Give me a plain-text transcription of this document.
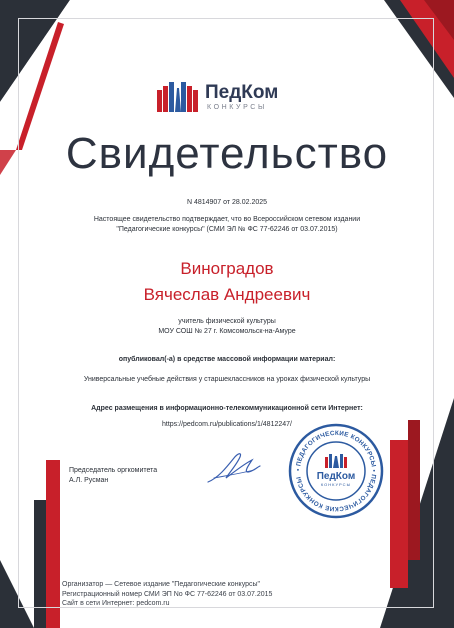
ПедКом
КОНКУРСЫ
Свидетельство
N 4814907 от 28.02.2025
Настоящее свидетельство подтверждает, что во Всероссийском сетевом издании
"Педагогические конкурсы" (СМИ ЭЛ № ФС 77-62246 от 03.07.2015)
Виноградов
Вячеслав Андреевич
учитель физической культуры
МОУ СОШ № 27 г. Комсомольск-на-Амуре
опубликовал(-а) в средстве массовой информации материал:
Универсальные учебные действия у старшеклассников на уроках физической культуры
Адрес размещения в информационно-телекоммуникационной сети Интернет:
https://pedcom.ru/publications/1/4812247/
Председатель оргкомитета
А.Л. Русман
• ПЕДАГОГИЧЕСКИЕ КОНКУРСЫ • ПЕДАГОГИЧЕСКИЕ КОНКУРСЫ	ПедКом
КОНКУРСЫ
Организатор — Сетевое издание "Педагогические конкурсы"
Регистрационный номер СМИ ЭП No ФС 77-62246 от 03.07.2015
Сайт в сети Интернет: pedcom.ru
